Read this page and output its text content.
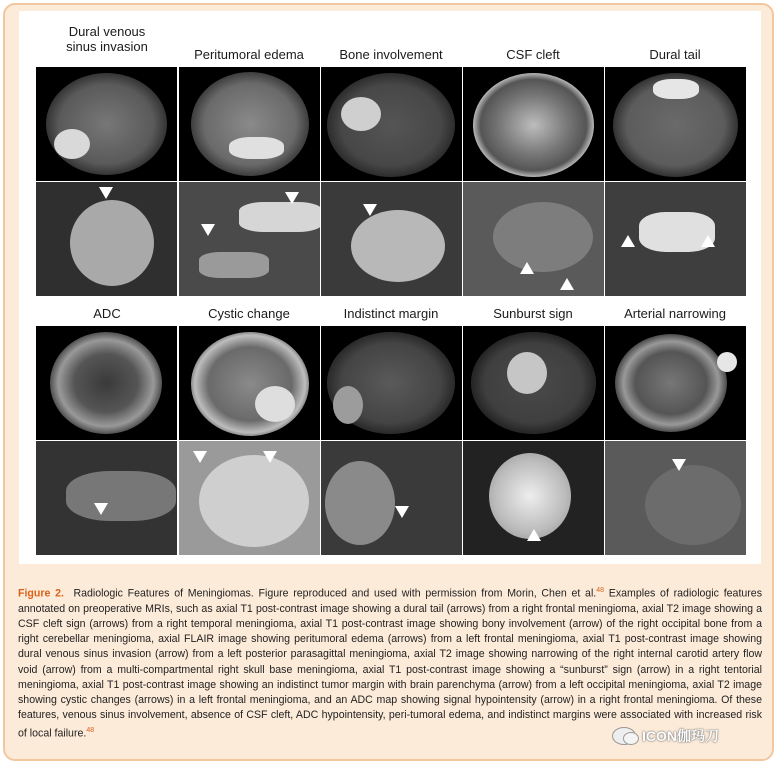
Dural venous
sinus invasion
Peritumoral edema	Bone involvement	CSF cleft	Dural tail
ADC	Cystic change	Indistinct margin	Sunburst sign	Arterial narrowing
Figure 2. Radiologic Features of Meningiomas. Figure reproduced and used with permission from Morin, Chen et al.$^{48}$ Examples of radiologic features annotated on preoperative MRIs, such as axial T1 post-contrast image showing a dural tail (arrows) from a right frontal meningioma, axial T2 image showing a CSF cleft sign (arrows) from a right temporal meningioma, axial T1 post-contrast image showing bony involvement (arrow) of the right occipital bone from a right cerebellar meningioma, axial FLAIR image showing peritumoral edema (arrows) from a left frontal meningioma, axial T1 post-contrast image showing dural venous sinus invasion (arrow) from a left posterior parasagittal meningioma, axial T2 image showing narrowing of the right internal carotid artery flow void (arrow) from a multi-compartmental right skull base meningioma, axial T1 post-contrast image showing a “sunburst” sign (arrow) in a right tentorial meningioma, axial T1 post-contrast image showing an indistinct tumor margin with brain parenchyma (arrow) from a left occipital meningioma, axial T2 image showing cystic changes (arrows) in a left frontal meningioma, and an ADC map showing signal hypointensity (arrow) in a right frontal meningioma. Of these features, venous sinus involvement, absence of CSF cleft, ADC hypointensity, peri-tumoral edema, and indistinct margins were associated with increased risk of local failure.$^{48}$	ICON伽玛刀
